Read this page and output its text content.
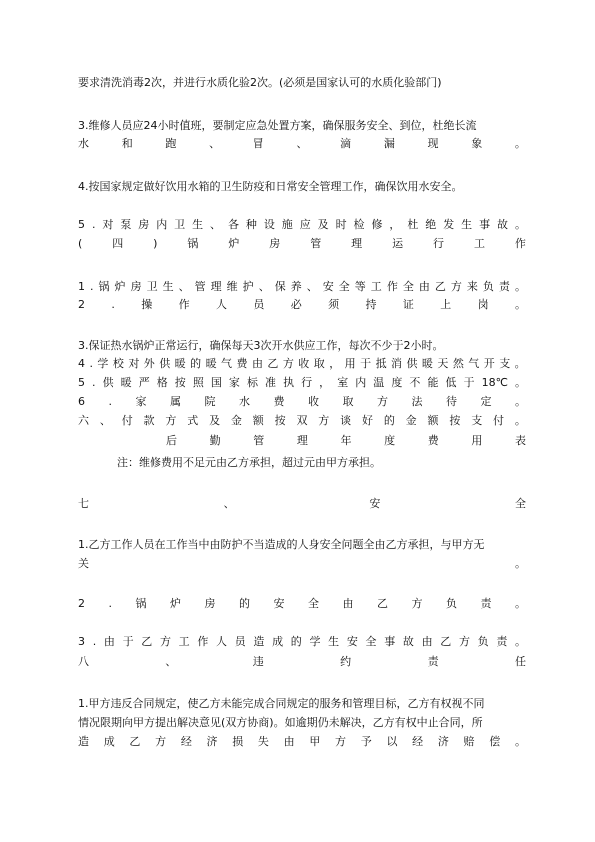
要求清洗消毒2次，并进行水质化验2次。(必须是国家认可的水质化验部门)
3.维修人员应24小时值班，要制定应急处置方案，确保服务安全、到位，杜绝长流
水	和	跑	、	冒	、	滴	漏	现	象	。
4.按国家规定做好饮用水箱的卫生防疫和日常安全管理工作，确保饮用水安全。
5 . 对 泵 房 内 卫 生 、 各 种 设 施 应 及 时 检 修 ， 杜 绝 发 生 事 故 。
(	四	)	锅	炉	房	管	理	运	行	工	作
1 . 锅 炉 房 卫 生 、 管 理 维 护 、 保 养 、 安 全 等 工 作 全 由 乙 方 来 负 责 。
2 . 操 作 人 员 必 须 持 证 上 岗 。
3.保证热水锅炉正常运行，确保每天3次开水供应工作，每次不少于2小时。
4 . 学 校 对 外 供 暖 的 暖 气 费 由 乙 方 收 取 ， 用 于 抵 消 供 暖 天 然 气 开 支 。
5 . 供 暖 严 格 按 照 国 家 标 准 执 行 ， 室 内 温 度 不 能 低 于 18℃ 。
6 . 家 属 院 水 费 收 取 方 法 待 定 。
六 、 付 款 方 式 及 金 额 按 双 方 谈 好 的 金 额 按 支 付 。
后	勤	管	理	年	度	费	用	表
注：维修费用不足元由乙方承担，超过元由甲方承担。
七	、	安	全
1.乙方工作人员在工作当中由防护不当造成的人身安全问题全由乙方承担，与甲方无
关	。
2 . 锅 炉 房 的 安 全 由 乙 方 负 责 。
3 . 由 于 乙 方 工 作 人 员 造 成 的 学 生 安 全 事 故 由 乙 方 负 责 。
八	、	违	约	责	任
1.甲方违反合同规定，使乙方未能完成合同规定的服务和管理目标，乙方有权视不同
情况限期向甲方提出解决意见(双方协商)。如逾期仍未解决，乙方有权中止合同，所
造 成 乙 方 经 济 损 失 由 甲 方 予 以 经 济 赔 偿 。
